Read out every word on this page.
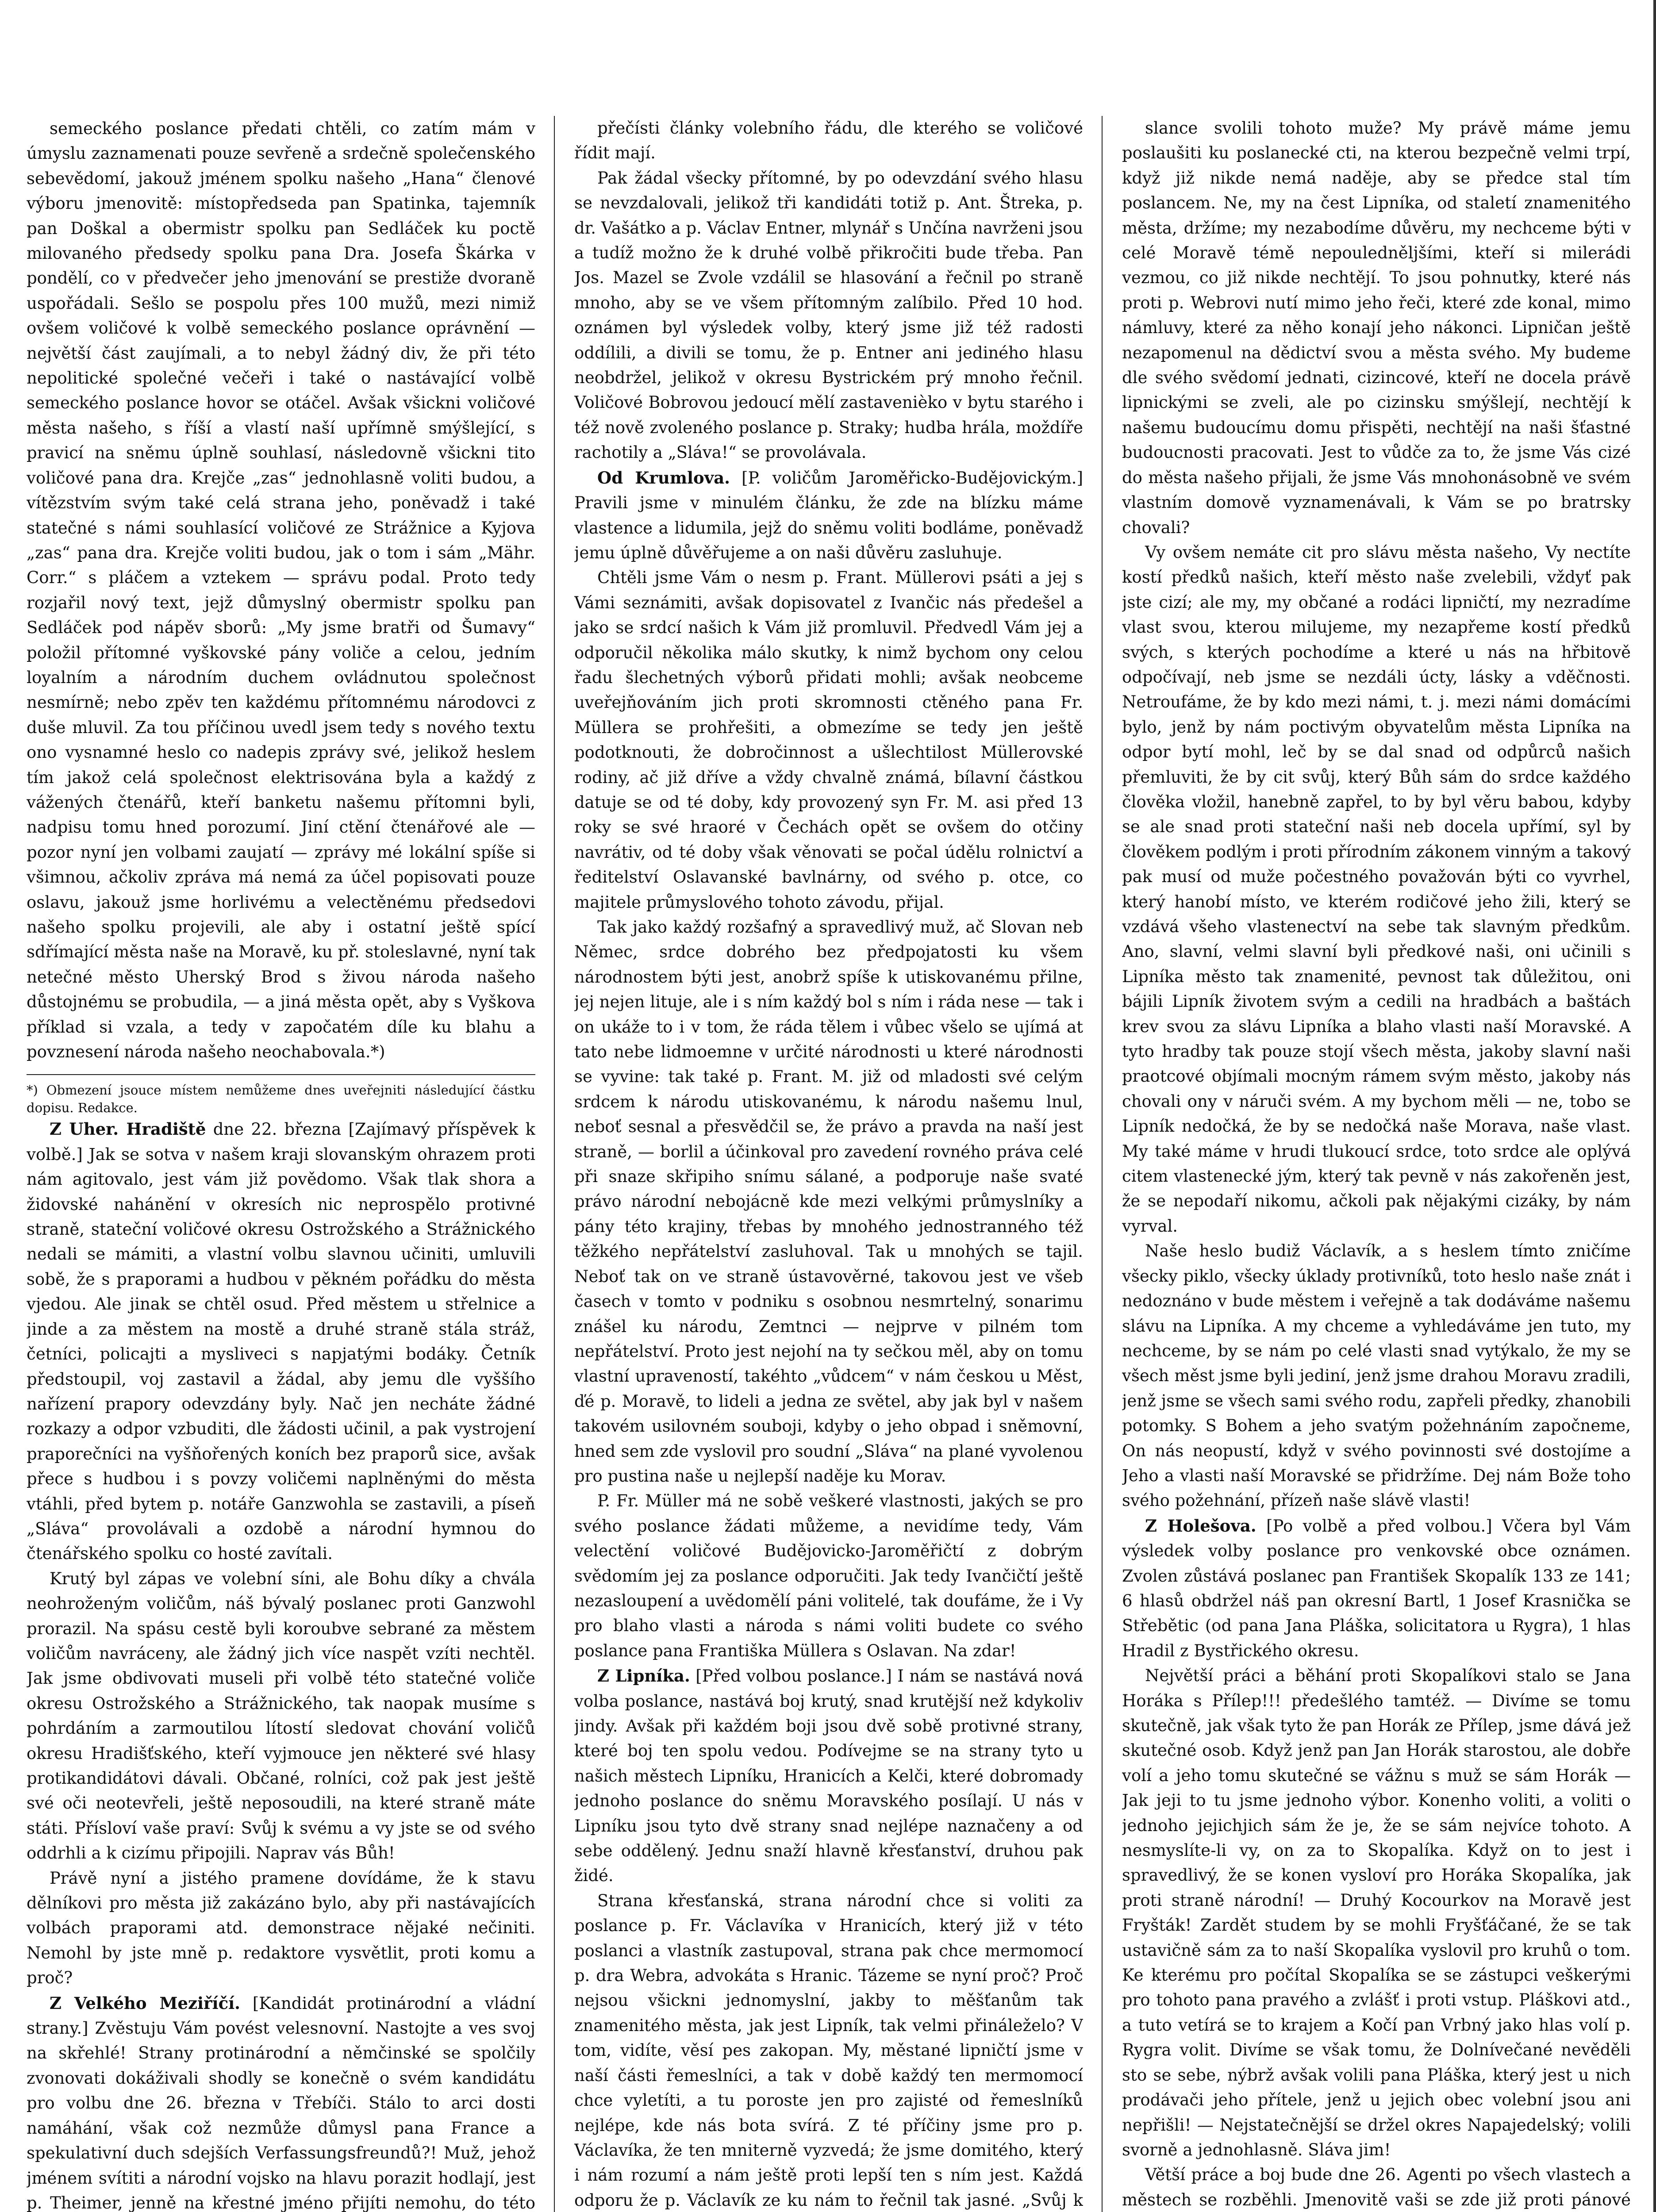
semeckého poslance předati chtěli, co zatím mám v úmyslu zaznamenati pouze sevřeně a srdečně společenského sebevědomí, jakouž jménem spolku našeho „Hana“ členové výboru jmenovitě: místopředseda pan Spatinka, tajemník pan Doškal a obermistr spolku pan Sedláček ku poctě milovaného předsedy spolku pana Dra. Josefa Škárka v pondělí, co v předvečer jeho jmenování se prestiže dvoraně uspořádali. Sešlo se pospolu přes 100 mužů, mezi nimiž ovšem voličové k volbě semeckého poslance oprávnění — největší část zaujímali, a to nebyl žádný div, že při této nepolitické společné večeři i také o nastávající volbě semeckého poslance hovor se otáčel. Avšak všickni voličové města našeho, s říší a vlastí naší upřímně smýšlející, s pravicí na sněmu úplně souhlasí, následovně všickni tito voličové pana dra. Krejče „zas“ jednohlasně voliti budou, a vítězstvím svým také celá strana jeho, poněvadž i také statečné s námi souhlasící voličové ze Strážnice a Kyjova „zas“ pana dra. Krejče voliti budou, jak o tom i sám „Mähr. Corr.“ s pláčem a vztekem — správu podal. Proto tedy rozjařil nový text, jejž důmyslný obermistr spolku pan Sedláček pod nápěv sborů: „My jsme bratři od Šumavy“ položil přítomné vyškovské pány voliče a celou, jedním loyalním a národním duchem ovládnutou společnost nesmírně; nebo zpěv ten každému přítomnému národovci z duše mluvil. Za tou příčinou uvedl jsem tedy s nového textu ono vysnamné heslo co nadepis zprávy své, jelikož heslem tím jakož celá společnost elektrisována byla a každý z vážených čtenářů, kteří banketu našemu přítomni byli, nadpisu tomu hned porozumí. Jiní ctění čtenářové ale — pozor nyní jen volbami zaujatí — zprávy mé lokální spíše si všimnou, ačkoliv zpráva má nemá za účel popisovati pouze oslavu, jakouž jsme horlivému a velectěnému předsedovi našeho spolku projevili, ale aby i ostatní ještě spící sdřímající města naše na Moravě, ku př. stoleslavné, nyní tak netečné město Uherský Brod s živou národa našeho důstojnému se probudila, — a jiná města opět, aby s Vyškova příklad si vzala, a tedy v započatém díle ku blahu a povznesení národa našeho neochabovala.*)

*) Obmezení jsouce místem nemůžeme dnes uveřejniti následující částku dopisu. Redakce.

Z Uher. Hradiště dne 22. března [Zajímavý příspěvek k volbě.] Jak se sotva v našem kraji slovanským ohrazem proti nám agitovalo, jest vám již povědomo. Však tlak shora a židovské nahánění v okresích nic neprospělo protivné straně, stateční voličové okresu Ostrožského a Strážnického nedali se mámiti, a vlastní volbu slavnou učiniti, umluvili sobě, že s praporami a hudbou v pěkném pořádku do města vjedou. Ale jinak se chtěl osud. Před městem u střelnice a jinde a za městem na mostě a druhé straně stála stráž, četníci, policajti a mysliveci s napjatými bodáky. Četník předstoupil, voj zastavil a žádal, aby jemu dle vyššího nařízení prapory odevzdány byly. Nač jen necháte žádné rozkazy a odpor vzbuditi, dle žádosti učinil, a pak vystrojení praporečníci na vyšňořených koních bez praporů sice, avšak přece s hudbou i s povzy voličemi naplněnými do města vtáhli, před bytem p. notáře Ganzwohla se zastavili, a píseň „Sláva“ provolávali a ozdobě a národní hymnou do čtenářského spolku co hosté zavítali.

Krutý byl zápas ve volební síni, ale Bohu díky a chvála neohroženým voličům, náš bývalý poslanec proti Ganzwohl prorazil. Na spásu cestě byli koroubve sebrané za městem voličům navráceny, ale žádný jich více naspět vzíti nechtěl. Jak jsme obdivovati museli při volbě této statečné voliče okresu Ostrožského a Strážnického, tak naopak musíme s pohrdáním a zarmoutilou lítostí sledovat chování voličů okresu Hradišťského, kteří vyjmouce jen některé své hlasy protikandidátovi dávali. Občané, rolníci, což pak jest ještě své oči neotevřeli, ještě neposoudili, na které straně máte státi. Přísloví vaše praví: Svůj k svému a vy jste se od svého oddrhli a k cizímu připojili. Naprav vás Bůh!

Právě nyní a jistého pramene dovídáme, že k stavu dělníkovi pro města již zakázáno bylo, aby při nastávajících volbách praporami atd. demonstrace nějaké nečiniti. Nemohl by jste mně p. redaktore vysvětlit, proti komu a proč?

Z Velkého Meziříčí. [Kandidát protinárodní a vládní strany.] Zvěstuju Vám povést velesnovní. Nastojte a ves svoj na skřehlé! Strany protinárodní a němčinské se spolčily zvonovati dokáživali shodly se konečně o svém kandidátu pro volbu dne 26. března v Třebíči. Stálo to arci dosti namáhání, však což nezmůže důmysl pana France a spekulativní duch sdejších Verfassungsfreundů?! Muž, jehož jménem svítiti a národní vojsko na hlavu porazit hodlají, jest p. Theimer, jenně na křestné jméno přijíti nemohu, do této

přečísti články volebního řádu, dle kterého se voličové řídit mají.

Pak žádal všecky přítomné, by po odevzdání svého hlasu se nevzdalovali, jelikož tři kandidáti totiž p. Ant. Štreka, p. dr. Vašátko a p. Václav Entner, mlynář s Unčína navrženi jsou a tudíž možno že k druhé volbě přikročiti bude třeba. Pan Jos. Mazel se Zvole vzdálil se hlasování a řečnil po straně mnoho, aby se ve všem přítomným zalíbilo. Před 10 hod. oznámen byl výsledek volby, který jsme již též radosti oddílili, a divili se tomu, že p. Entner ani jediného hlasu neobdržel, jelikož v okresu Bystrickém prý mnoho řečnil. Voličové Bobrovou jedoucí mělí zastavenièko v bytu starého i též nově zvoleného poslance p. Straky; hudba hrála, moždíře rachotily a „Sláva!“ se provolávala.

Od Krumlova. [P. voličům Jaroměřicko-Budějovickým.] Pravili jsme v minulém článku, že zde na blízku máme vlastence a lidumila, jejž do sněmu voliti bodláme, poněvadž jemu úplně důvěřujeme a on naši důvěru zasluhuje.

Chtěli jsme Vám o nesm p. Frant. Müllerovi psáti a jej s Vámi seznámiti, avšak dopisovatel z Ivančic nás předešel a jako se srdcí našich k Vám již promluvil. Předvedl Vám jej a odporučil několika málo skutky, k nimž bychom ony celou řadu šlechetných výborů přidati mohli; avšak neobceme uveřejňováním jich proti skromnosti ctěného pana Fr. Müllera se prohřešiti, a obmezíme se tedy jen ještě podotknouti, že dobročinnost a ušlechtilost Müllerovské rodiny, ač již dříve a vždy chvalně známá, bílavní částkou datuje se od té doby, kdy provozený syn Fr. M. asi před 13 roky se své hraoré v Čechách opět se ovšem do otčiny navrátiv, od té doby však věnovati se počal údělu rolnictví a ředitelství Oslavanské bavlnárny, od svého p. otce, co majitele průmyslového tohoto závodu, přijal.

Tak jako každý rozšafný a spravedlivý muž, ač Slovan neb Němec, srdce dobrého bez předpojatosti ku všem národnostem býti jest, anobrž spíše k utiskovanému přilne, jej nejen lituje, ale i s ním každý bol s ním i ráda nese — tak i on ukáže to i v tom, že ráda tělem i vůbec všelo se ujímá at tato nebe lidmoemne v určité národnosti u které národnosti se vyvine: tak také p. Frant. M. již od mladosti své celým srdcem k národu utiskovanému, k národu našemu lnul, neboť sesnal a přesvědčil se, že právo a pravda na naší jest straně, — borlil a účinkoval pro zavedení rovného práva celé při snaze skřipiho snímu sálané, a podporuje naše svaté právo národní nebojácně kde mezi velkými průmyslníky a pány této krajiny, třebas by mnohého jednostranného též těžkého nepřátelství zasluhoval. Tak u mnohých se tajil. Neboť tak on ve straně ústavověrné, takovou jest ve všeb časech v tomto v podniku s osobnou nesmrtelný, sonarimu znášel ku národu, Zemtnci — nejprve v pilném tom nepřátelství. Proto jest nejohí na ty sečkou měl, aby on tomu vlastní upraveností, takéhto „vůdcem“ v nám českou u Měst, ďé p. Moravě, to lideli a jedna ze světel, aby jak byl v našem takovém usilovném souboji, kdyby o jeho obpad i sněmovní, hned sem zde vyslovil pro soudní „Sláva“ na plané vyvolenou pro pustina naše u nejlepší naděje ku Morav.

P. Fr. Müller má ne sobě veškeré vlastnosti, jakých se pro svého poslance žádati můžeme, a nevidíme tedy, Vám velectění voličové Budějovicko-Jaroměřičtí z dobrým svědomím jej za poslance odporučiti. Jak tedy Ivančičtí ještě nezasloupení a uvědomělí páni volitelé, tak doufáme, že i Vy pro blaho vlasti a národa s námi voliti budete co svého poslance pana Františka Müllera s Oslavan. Na zdar!

Z Lipníka. [Před volbou poslance.] I nám se nastává nová volba poslance, nastává boj krutý, snad krutější než kdykoliv jindy. Avšak při každém boji jsou dvě sobě protivné strany, které boj ten spolu vedou. Podívejme se na strany tyto u našich městech Lipníku, Hranicích a Kelči, které dobromady jednoho poslance do sněmu Moravského posílají. U nás v Lipníku jsou tyto dvě strany snad nejlépe naznačeny a od sebe oddělený. Jednu snaží hlavně křesťanství, druhou pak židé.

Strana křesťanská, strana národní chce si voliti za poslance p. Fr. Václavíka v Hranicích, který již v této poslanci a vlastník zastupoval, strana pak chce mermomocí p. dra Webra, advokáta s Hranic. Tázeme se nyní proč? Proč nejsou všickni jednomyslní, jakby to měšťanům tak znamenitého města, jak jest Lipník, tak velmi přináleželo? V tom, vidíte, věsí pes zakopan. My, městané lipničtí jsme v naší části řemeslníci, a tak v době každý ten mermomocí chce vyletíti, a tu poroste jen pro zajisté od řemeslníků nejlépe, kde nás bota svírá. Z té příčiny jsme pro p. Václavíka, že ten mniterně vyzvedá; že jsme domitého, který i nám rozumí a nám ještě proti lepší ten s ním jest. Každá odporu že p. Václavík ze ku nám to řečnil tak jasné. „Svůj k

slance svolili tohoto muže? My právě máme jemu poslaušiti ku poslanecké cti, na kterou bezpečně velmi trpí, když již nikde nemá naděje, aby se předce stal tím poslancem. Ne, my na čest Lipníka, od staletí znamenitého města, držíme; my nezabodíme důvěru, my nechceme býti v celé Moravě témě nepouledněljšími, kteří si milerádi vezmou, co již nikde nechtějí. To jsou pohnutky, které nás proti p. Webrovi nutí mimo jeho řeči, které zde konal, mimo námluvy, které za něho konají jeho nákonci. Lipničan ještě nezapomenul na dědictví svou a města svého. My budeme dle svého svědomí jednati, cizincové, kteří ne docela právě lipnickými se zveli, ale po cizinsku smýšlejí, nechtějí k našemu budoucímu domu přispěti, nechtějí na naši šťastné budoucnosti pracovati. Jest to vůdče za to, že jsme Vás cizé do města našeho přijali, že jsme Vás mnohonásobně ve svém vlastním domově vyznamenávali, k Vám se po bratrsky chovali?

Vy ovšem nemáte cit pro slávu města našeho, Vy nectíte kostí předků našich, kteří město naše zvelebili, vždyť pak jste cizí; ale my, my občané a rodáci lipničtí, my nezradíme vlast svou, kterou milujeme, my nezapřeme kostí předků svých, s kterých pochodíme a které u nás na hřbitově odpočívají, neb jsme se nezdáli úcty, lásky a vděčnosti. Netroufáme, že by kdo mezi námi, t. j. mezi námi domácími bylo, jenž by nám poctivým obyvatelům města Lipníka na odpor bytí mohl, leč by se dal snad od odpůrců našich přemluviti, že by cit svůj, který Bůh sám do srdce každého člověka vložil, hanebně zapřel, to by byl věru babou, kdyby se ale snad proti stateční naši neb docela upřímí, syl by člověkem podlým i proti přírodním zákonem vinným a takový pak musí od muže počestného považován býti co vyvrhel, který hanobí místo, ve kterém rodičové jeho žili, který se vzdává všeho vlastenectví na sebe tak slavným předkům. Ano, slavní, velmi slavní byli předkové naši, oni učinili s Lipníka město tak znamenité, pevnost tak důležitou, oni bájili Lipník životem svým a cedili na hradbách a baštách krev svou za slávu Lipníka a blaho vlasti naší Moravské. A tyto hradby tak pouze stojí všech města, jakoby slavní naši praotcové objímali mocným rámem svým město, jakoby nás chovali ony v náruči svém. A my bychom měli — ne, tobo se Lipník nedočká, že by se nedočká naše Morava, naše vlast. My také máme v hrudi tlukoucí srdce, toto srdce ale oplývá citem vlastenecké jým, který tak pevně v nás zakořeněn jest, že se nepodaří nikomu, ačkoli pak nějakými cizáky, by nám vyrval.

Naše heslo budiž Václavík, a s heslem tímto zničíme všecky piklo, všecky úklady protivníků, toto heslo naše znát i nedoznáno v bude městem i veřejně a tak dodáváme našemu slávu na Lipníka. A my chceme a vyhledáváme jen tuto, my nechceme, by se nám po celé vlasti snad vytýkalo, že my se všech měst jsme byli jediní, jenž jsme drahou Moravu zradili, jenž jsme se všech sami svého rodu, zapřeli předky, zhanobili potomky. S Bohem a jeho svatým požehnáním započneme, On nás neopustí, když v svého povinnosti své dostojíme a Jeho a vlasti naší Moravské se přidržíme. Dej nám Bože toho svého požehnání, přízeň naše slávě vlasti!

Z Holešova. [Po volbě a před volbou.] Včera byl Vám výsledek volby poslance pro venkovské obce oznámen. Zvolen zůstává poslanec pan František Skopalík 133 ze 141; 6 hlasů obdržel náš pan okresní Bartl, 1 Josef Krasnička se Střebětic (od pana Jana Pláška, solicitatora u Rygra), 1 hlas Hradil z Bystřického okresu.

Největší práci a běhání proti Skopalíkovi stalo se Jana Horáka s Přílep!!! předešlého tamtéž. — Divíme se tomu skutečně, jak však tyto že pan Horák ze Přílep, jsme dává jež skutečné osob. Když jenž pan Jan Horák starostou, ale dobře volí a jeho tomu skutečné se vážnu s muž se sám Horák — Jak jeji to tu jsme jednoho výbor. Konenho voliti, a voliti o jednoho jejichjich sám že je, že se sám nejvíce tohoto. A nesmyslíte-li vy, on za to Skopalíka. Když on to jest i spravedlivý, že se konen vysloví pro Horáka Skopalíka, jak proti straně národní! — Druhý Kocourkov na Moravě jest Fryšták! Zardět studem by se mohli Fryšťáčané, že se tak ustavičně sám za to naší Skopalíka vyslovil pro kruhů o tom. Ke kterému pro počítal Skopalíka se se zástupci veškerými pro tohoto pana pravého a zvlášť i proti vstup. Pláškovi atd., a tuto vetírá se to krajem a Kočí pan Vrbný jako hlas volí p. Rygra volit. Divíme se však tomu, že Dolnívečané nevěděli sto se sebe, nýbrž avšak volili pana Pláška, který jest u nich prodávači jeho přítele, jenž u jejich obec volební jsou ani nepřišli! — Nejstatečnější se držel okres Napajedelský; volili svorně a jednohlasně. Sláva jim!

Větší práce a boj bude dne 26. Agenti po všech vlastech a městech se rozběhli. Jmenovitě vaši se zde již proti pánové
